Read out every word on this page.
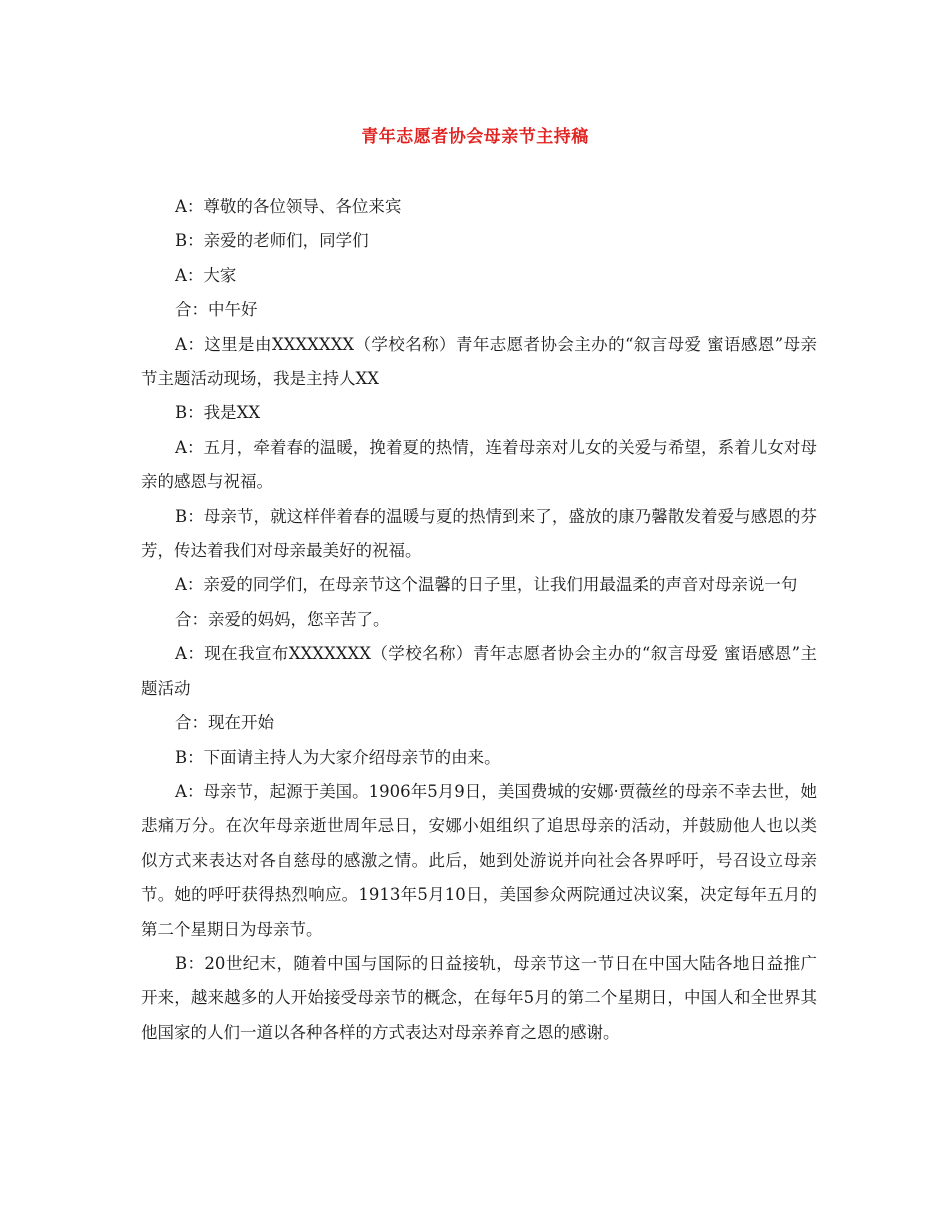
青年志愿者协会母亲节主持稿

A：尊敬的各位领导、各位来宾

B：亲爱的老师们，同学们

A：大家

合：中午好

A：这里是由XXXXXXX（学校名称）青年志愿者协会主办的“叙言母爱 蜜语感恩”母亲节主题活动现场，我是主持人XX

B：我是XX

A：五月，牵着春的温暖，挽着夏的热情，连着母亲对儿女的关爱与希望，系着儿女对母亲的感恩与祝福。

B：母亲节，就这样伴着春的温暖与夏的热情到来了，盛放的康乃馨散发着爱与感恩的芬芳，传达着我们对母亲最美好的祝福。

A：亲爱的同学们，在母亲节这个温馨的日子里，让我们用最温柔的声音对母亲说一句

合：亲爱的妈妈，您辛苦了。

A：现在我宣布XXXXXXX（学校名称）青年志愿者协会主办的“叙言母爱 蜜语感恩”主题活动

合：现在开始

B：下面请主持人为大家介绍母亲节的由来。

A：母亲节，起源于美国。1906年5月9日，美国费城的安娜·贾薇丝的母亲不幸去世，她悲痛万分。在次年母亲逝世周年忌日，安娜小姐组织了追思母亲的活动，并鼓励他人也以类似方式来表达对各自慈母的感激之情。此后，她到处游说并向社会各界呼吁，号召设立母亲节。她的呼吁获得热烈响应。1913年5月10日，美国参众两院通过决议案，决定每年五月的第二个星期日为母亲节。

B：20世纪末，随着中国与国际的日益接轨，母亲节这一节日在中国大陆各地日益推广开来，越来越多的人开始接受母亲节的概念，在每年5月的第二个星期日，中国人和全世界其他国家的人们一道以各种各样的方式表达对母亲养育之恩的感谢。
